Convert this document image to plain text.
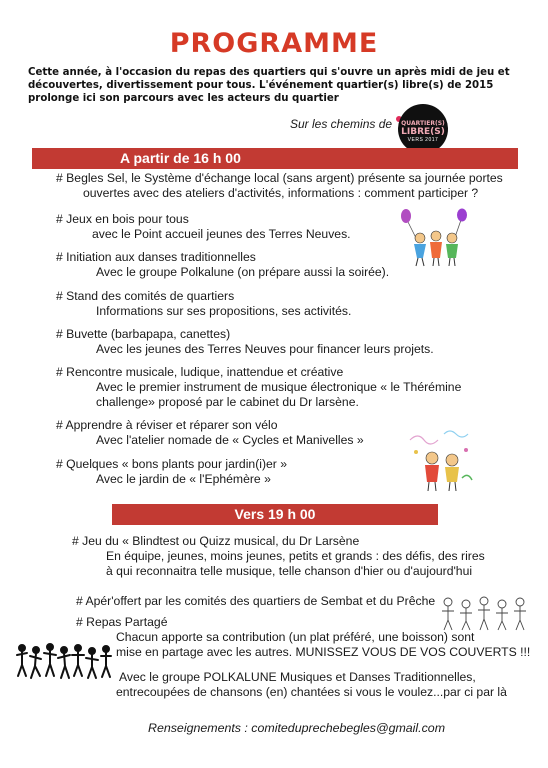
PROGRAMME
Cette année, à l'occasion du repas des quartiers qui s'ouvre un après midi de jeu et découvertes, divertissement pour tous. L'événement quartier(s) libre(s) de 2015 prolonge ici son parcours avec les acteurs du quartier
Sur les chemins de	QUARTIER(S)
LIBRE(S)
VERS 2017
A partir de 16 h 00
# Begles Sel, le Système d'échange local (sans argent) présente sa journée portes
ouvertes avec des ateliers d'activités, informations : comment participer ?
# Jeux en bois pour tous
avec le Point accueil jeunes des Terres Neuves.
# Initiation aux danses traditionnelles
Avec le groupe Polkalune (on prépare aussi la soirée).
# Stand des comités de quartiers
Informations sur ses propositions, ses activités.
# Buvette (barbapapa, canettes)
Avec les jeunes des Terres Neuves pour financer leurs projets.
# Rencontre musicale, ludique, inattendue et créative
Avec le premier instrument de musique électronique « le Thérémine
challenge» proposé par le cabinet du Dr larsène.
# Apprendre à réviser et réparer son vélo
Avec l'atelier nomade de « Cycles et Manivelles »
# Quelques « bons plants pour jardin(i)er »
Avec le jardin de « l'Ephémère »
Vers 19 h 00
# Jeu du « Blindtest ou Quizz musical, du Dr Larsène
En équipe, jeunes, moins jeunes, petits et grands : des défis, des rires
à qui reconnaitra telle musique, telle chanson d'hier ou d'aujourd'hui
# Apér'offert par les comités des quartiers de Sembat et du Prêche
# Repas Partagé
Chacun apporte sa contribution (un plat préféré, une boisson) sont
mise en partage avec les autres. MUNISSEZ VOUS DE VOS COUVERTS !!!
Avec le groupe POLKALUNE Musiques et Danses Traditionnelles,
entrecoupées de chansons (en) chantées si vous le voulez...par ci par là
Renseignements : comiteduprechebegles@gmail.com
